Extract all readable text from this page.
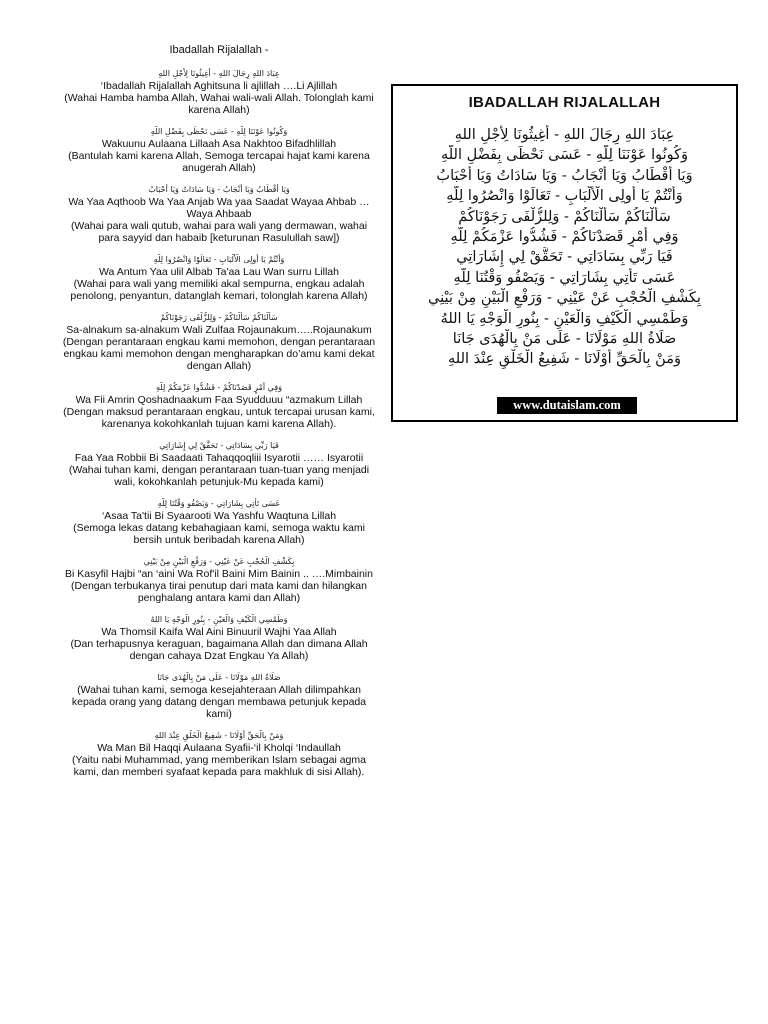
Ibadallah Rijalallah -
عِبَادَ اللهِ رِجَالَ اللهِ - أَغِيثُونَا لِأَجْلِ اللهِ
‘Ibadallah Rijalallah Aghitsuna li ajlillah ….Li Ajlillah
(Wahai Hamba hamba Allah, Wahai wali-wali Allah. Tolonglah kami karena Allah)
وَكُونُوا عَوْنَنَا لِلّهِ - عَسَى نَحْظَى بِفَضْلِ اللّهِ
Wakuunu Aulaana Lillaah Asa Nakhtoo Bifadhlillah
(Bantulah kami karena Allah, Semoga tercapai hajat kami karena anugerah Allah)
وَيَا أَقْطَابُ وَيَا أَنْجَابُ - وَيَا سَادَاتُ وَيَا أَحْبَابُ
Wa Yaa Aqthoob Wa Yaa Anjab Wa yaa Saadat Wayaa Ahbab … Waya Ahbaab
(Wahai para wali qutub, wahai para wali yang dermawan, wahai para sayyid dan habaib [keturunan Rasulullah saw])
وَأَنْتُمْ يَا أُولِى الْأَلْبَابِ - تَعَالَوْا وَانْصُرُوا لِلّهِ
Wa Antum Yaa ulil Albab Ta'aa Lau Wan surru Lillah
(Wahai para wali yang memiliki akal sempurna, engkau adalah penolong, penyantun, datanglah kemari, tolonglah karena Allah)
سَأَلْنَاكُمْ سَأَلْنَاكُمْ - وَلِلزُّلْفَى رَجَوْنَاكُمْ
Sa-alnakum sa-alnakum Wali Zulfaa Rojaunakum…..Rojaunakum
(Dengan perantaraan engkau kami memohon, dengan perantaraan engkau kami memohon dengan mengharapkan do’amu kami dekat dengan Allah)
وَفِي أَمْرٍ قَصَدْنَاكُمْ - فَشُدُّوا عَزْمَكُمْ لِلّهِ
Wa Fii Amrin Qoshadnaakum Faa Syudduuu “azmakum Lillah
(Dengan maksud perantaraan engkau, untuk tercapai urusan kami, karenanya kokohkanlah tujuan kami karena Allah).
فَيَا رَبِّي بِسَادَاتِي - تَحَقَّقْ لِي إِشَارَاتِي
Faa Yaa Robbii Bi Saadaati Tahaqqoqliii Isyarotii …… Isyarotii
(Wahai tuhan kami, dengan perantaraan tuan-tuan yang menjadi wali, kokohkanlah petunjuk-Mu kepada kami)
عَسَى تَأْتِي بِشَارَاتِي - وَيَصْفُو وَقْتُنَا لِلّهِ
‘Asaa Ta'tii Bi Syaarooti Wa Yashfu Waqtuna Lillah
(Semoga lekas datang kebahagiaan kami, semoga waktu kami bersih untuk beribadah karena Allah)
بِكَشْفِ الْحُجْبِ عَنْ عَيْنِي - وَرَفْعِ الْبَيْنِ مِنْ بَيْنِي
Bi Kasyfil Hajbi “an ‘aini Wa Rof'il Baini Mim Bainin .. ….Mimbainin
(Dengan terbukanya tirai penutup dari mata kami dan hilangkan penghalang antara kami dan Allah)
وَطَمْسِي الْكَيْفِ وَالْعَيْنِ - بِنُورِ الْوَجْهِ يَا اللهُ
Wa Thomsil Kaifa Wal Aini Binuuril Wajhi Yaa Allah
(Dan terhapusnya keraguan, bagaimana Allah dan dimana Allah dengan cahaya Dzat Engkau Ya Allah)
صَلَاةُ اللهِ مَوْلَانَا - عَلَى مَنْ بِالْهُدَى جَانَا
(Wahai tuhan kami, semoga kesejahteraan Allah dilimpahkan kepada orang yang datang dengan membawa petunjuk kepada kami)
وَمَنْ بِالْحَقِّ أَوْلَانَا - شَفِيعُ الْخَلْقِ عِنْدَ اللهِ
Wa Man Bil Haqqi Aulaana Syafii-‘il Kholqi ‘Indaullah
(Yaitu nabi Muhammad, yang memberikan Islam sebagai agma kami, dan memberi syafaat kepada para makhluk di sisi Allah).
IBADALLAH RIJALALLAH
عِبَادَ اللهِ رِجَالَ اللهِ - أَغِيثُونَا لِأَجْلِ اللهِ
وَكُونُوا عَوْنَنَا لِلّهِ - عَسَى نَحْظَى بِفَضْلِ اللّهِ
وَيَا أَقْطَابُ وَيَا أَنْجَابُ - وَيَا سَادَاتُ وَيَا أَحْبَابُ
وَأَنْتُمْ يَا أُولِى الْأَلْبَابِ - تَعَالَوْا وَانْصُرُوا لِلّهِ
سَأَلْنَاكُمْ سَأَلْنَاكُمْ - وَلِلزُّلْفَى رَجَوْنَاكُمْ
وَفِي أَمْرٍ قَصَدْنَاكُمْ - فَشُدُّوا عَزْمَكُمْ لِلّهِ
فَيَا رَبِّي بِسَادَاتِي - تَحَقَّقْ لِي إِشَارَاتِي
عَسَى تَأْتِي بِشَارَاتِي - وَيَصْفُو وَقْتُنَا لِلّهِ
بِكَشْفِ الْحُجْبِ عَنْ عَيْنِي - وَرَفْعِ الْبَيْنِ مِنْ بَيْنِي
وَطَمْسِي الْكَيْفِ وَالْعَيْنِ - بِنُورِ الْوَجْهِ يَا اللهُ
صَلَاةُ اللهِ مَوْلَانَا - عَلَى مَنْ بِالْهُدَى جَانَا
وَمَنْ بِالْحَقِّ أَوْلَانَا - شَفِيعُ الْخَلْقِ عِنْدَ اللهِ
www.dutaislam.com
